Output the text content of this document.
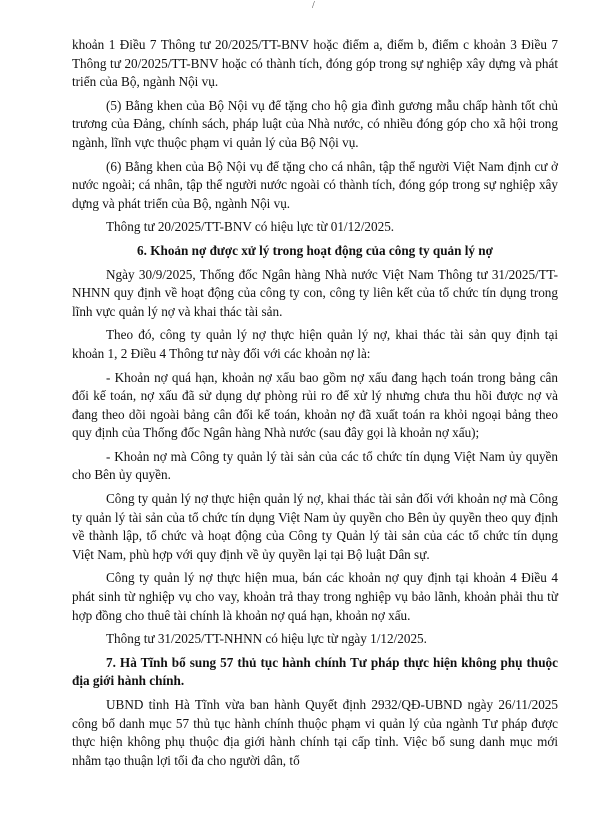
/

khoản 1 Điều 7 Thông tư 20/2025/TT-BNV hoặc điểm a, điểm b, điểm c khoản 3 Điều 7 Thông tư 20/2025/TT-BNV hoặc có thành tích, đóng góp trong sự nghiệp xây dựng và phát triển của Bộ, ngành Nội vụ.

(5) Bằng khen của Bộ Nội vụ để tặng cho hộ gia đình gương mẫu chấp hành tốt chủ trương của Đảng, chính sách, pháp luật của Nhà nước, có nhiều đóng góp cho xã hội trong ngành, lĩnh vực thuộc phạm vi quản lý của Bộ Nội vụ.

(6) Bằng khen của Bộ Nội vụ để tặng cho cá nhân, tập thể người Việt Nam định cư ở nước ngoài; cá nhân, tập thể người nước ngoài có thành tích, đóng góp trong sự nghiệp xây dựng và phát triển của Bộ, ngành Nội vụ.

Thông tư 20/2025/TT-BNV có hiệu lực từ 01/12/2025.

6. Khoản nợ được xử lý trong hoạt động của công ty quản lý nợ

Ngày 30/9/2025, Thống đốc Ngân hàng Nhà nước Việt Nam Thông tư 31/2025/TT-NHNN quy định về hoạt động của công ty con, công ty liên kết của tổ chức tín dụng trong lĩnh vực quản lý nợ và khai thác tài sản.

Theo đó, công ty quản lý nợ thực hiện quản lý nợ, khai thác tài sản quy định tại khoản 1, 2 Điều 4 Thông tư này đối với các khoản nợ là:

- Khoản nợ quá hạn, khoản nợ xấu bao gồm nợ xấu đang hạch toán trong bảng cân đối kế toán, nợ xấu đã sử dụng dự phòng rủi ro để xử lý nhưng chưa thu hồi được nợ và đang theo dõi ngoài bảng cân đối kế toán, khoản nợ đã xuất toán ra khỏi ngoại bảng theo quy định của Thống đốc Ngân hàng Nhà nước (sau đây gọi là khoản nợ xấu);

- Khoản nợ mà Công ty quản lý tài sản của các tổ chức tín dụng Việt Nam ủy quyền cho Bên ủy quyền.

Công ty quản lý nợ thực hiện quản lý nợ, khai thác tài sản đối với khoản nợ mà Công ty quản lý tài sản của tổ chức tín dụng Việt Nam ủy quyền cho Bên ủy quyền theo quy định về thành lập, tổ chức và hoạt động của Công ty Quản lý tài sản của các tổ chức tín dụng Việt Nam, phù hợp với quy định về ủy quyền lại tại Bộ luật Dân sự.

Công ty quản lý nợ thực hiện mua, bán các khoản nợ quy định tại khoản 4 Điều 4 phát sinh từ nghiệp vụ cho vay, khoản trả thay trong nghiệp vụ bảo lãnh, khoản phải thu từ hợp đồng cho thuê tài chính là khoản nợ quá hạn, khoản nợ xấu.

Thông tư 31/2025/TT-NHNN có hiệu lực từ ngày 1/12/2025.

7. Hà Tĩnh bổ sung 57 thủ tục hành chính Tư pháp thực hiện không phụ thuộc địa giới hành chính.

UBND tỉnh Hà Tĩnh vừa ban hành Quyết định 2932/QĐ-UBND ngày 26/11/2025 công bố danh mục 57 thủ tục hành chính thuộc phạm vi quản lý của ngành Tư pháp được thực hiện không phụ thuộc địa giới hành chính tại cấp tỉnh. Việc bổ sung danh mục mới nhằm tạo thuận lợi tối đa cho người dân, tổ
